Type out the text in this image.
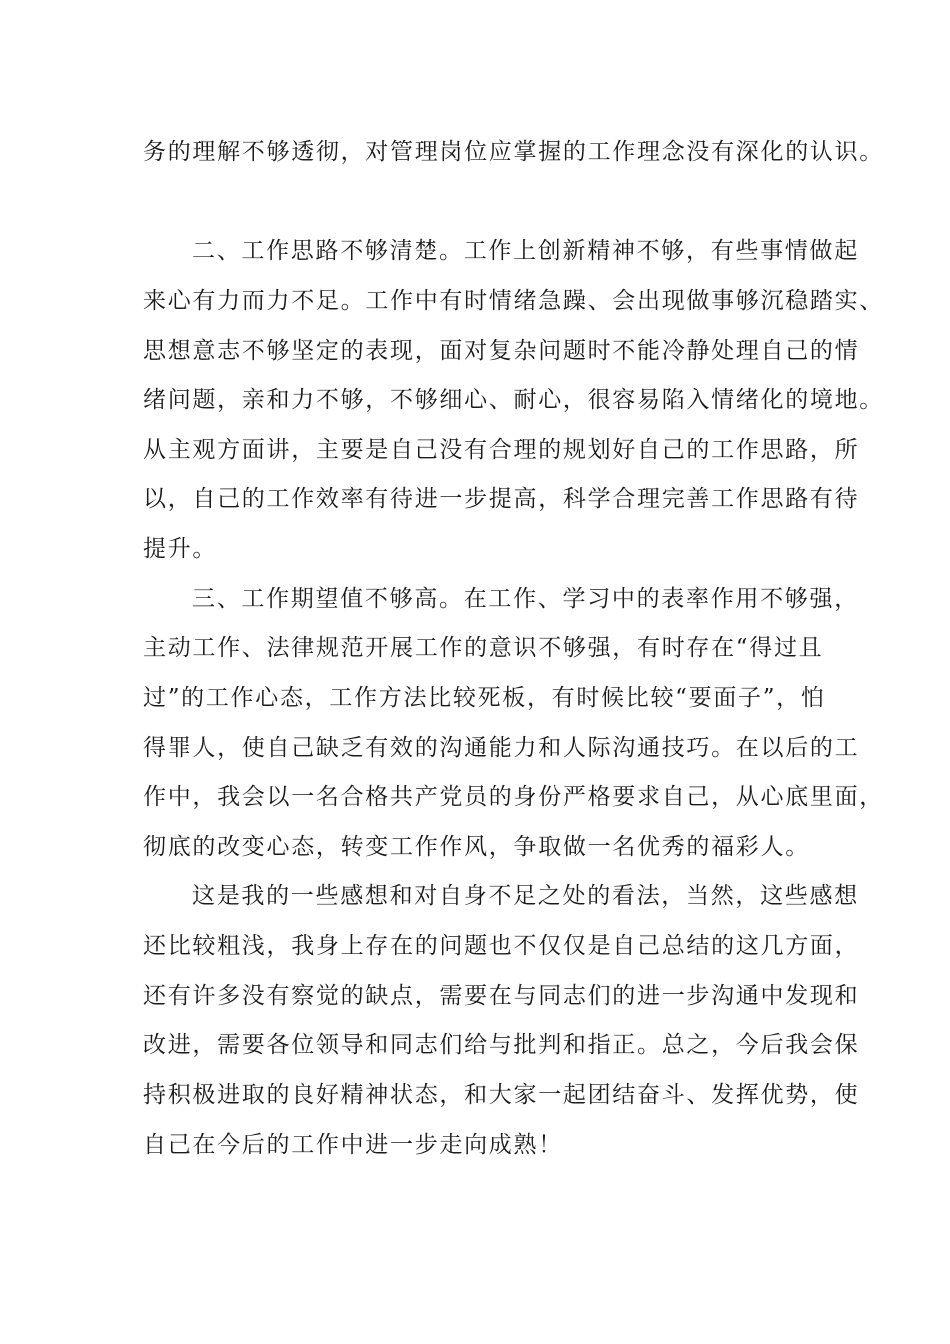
务的理解不够透彻，对管理岗位应掌握的工作理念没有深化的认识。
二、工作思路不够清楚。工作上创新精神不够，有些事情做起
来心有力而力不足。工作中有时情绪急躁、会出现做事够沉稳踏实、
思想意志不够坚定的表现，面对复杂问题时不能冷静处理自己的情
绪问题，亲和力不够，不够细心、耐心，很容易陷入情绪化的境地。
从主观方面讲，主要是自己没有合理的规划好自己的工作思路，所
以，自己的工作效率有待进一步提高，科学合理完善工作思路有待
提升。
三、工作期望值不够高。在工作、学习中的表率作用不够强，
主动工作、法律规范开展工作的意识不够强，有时存在“得过且
过”的工作心态，工作方法比较死板，有时候比较“要面子”，怕
得罪人，使自己缺乏有效的沟通能力和人际沟通技巧。在以后的工
作中，我会以一名合格共产党员的身份严格要求自己，从心底里面，
彻底的改变心态，转变工作作风，争取做一名优秀的福彩人。
这是我的一些感想和对自身不足之处的看法，当然，这些感想
还比较粗浅，我身上存在的问题也不仅仅是自己总结的这几方面，
还有许多没有察觉的缺点，需要在与同志们的进一步沟通中发现和
改进，需要各位领导和同志们给与批判和指正。总之，今后我会保
持积极进取的良好精神状态，和大家一起团结奋斗、发挥优势，使
自己在今后的工作中进一步走向成熟！
